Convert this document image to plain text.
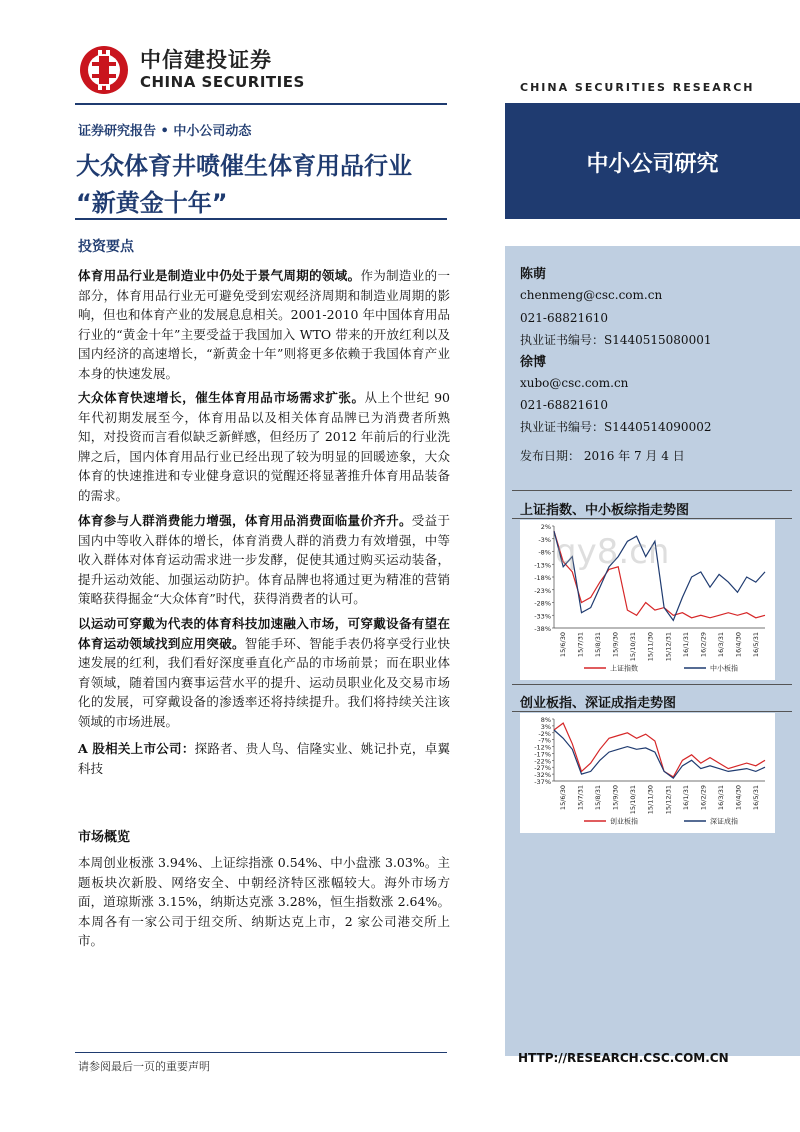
中信建投证券
CHINA SECURITIES	CHINA SECURITIES RESEARCH
证券研究报告 • 中小公司动态
大众体育井喷催生体育用品行业
“新黄金十年”
中小公司研究
陈萌
chenmeng@csc.com.cn
021-68821610
执业证书编号：S1440515080001
徐博
xubo@csc.com.cn
021-68821610
执业证书编号：S1440514090002
发布日期： 2016 年 7 月 4 日
上证指数、中小板综指走势图
2%
-3%
-8%
-13%
-18%
-23%
-28%
-33%
-38%
15/6/30 15/7/31 15/8/31 15/9/30 15/10/31 15/11/30 15/12/31 16/1/31 16/2/29 16/3/31 16/4/30 16/5/31
上证指数	中小板指
创业板指、深证成指走势图
8%
3%
-2%
-7%
-12%
-17%
-22%
-27%
-32%
-37%
15/6/30 15/7/31 15/8/31 15/9/30 15/10/31 15/11/30 15/12/31 16/1/31 16/2/29 16/3/31 16/4/30 16/5/31
创业板指	深证成指
HTTP://RESEARCH.CSC.COM.CN
投资要点
体育用品行业是制造业中仍处于景气周期的领域。作为制造业的一部分，体育用品行业无可避免受到宏观经济周期和制造业周期的影响，但也和体育产业的发展息息相关。2001-2010 年中国体育用品行业的“黄金十年”主要受益于我国加入 WTO 带来的开放红利以及国内经济的高速增长，“新黄金十年”则将更多依赖于我国体育产业本身的快速发展。
大众体育快速增长，催生体育用品市场需求扩张。从上个世纪 90 年代初期发展至今，体育用品以及相关体育品牌已为消费者所熟知，对投资而言看似缺乏新鲜感，但经历了 2012 年前后的行业洗牌之后，国内体育用品行业已经出现了较为明显的回暖迹象，大众体育的快速推进和专业健身意识的觉醒还将显著推升体育用品装备的需求。
体育参与人群消费能力增强，体育用品消费面临量价齐升。受益于国内中等收入群体的增长，体育消费人群的消费力有效增强，中等收入群体对体育运动需求进一步发酵，促使其通过购买运动装备，提升运动效能、加强运动防护。体育品牌也将通过更为精准的营销策略获得掘金“大众体育”时代，获得消费者的认可。
以运动可穿戴为代表的体育科技加速融入市场，可穿戴设备有望在体育运动领域找到应用突破。智能手环、智能手表仍将享受行业快速发展的红利，我们看好深度垂直化产品的市场前景；而在职业体育领域，随着国内赛事运营水平的提升、运动员职业化及交易市场化的发展，可穿戴设备的渗透率还将持续提升。我们将持续关注该领域的市场进展。
A 股相关上市公司：探路者、贵人鸟、信隆实业、姚记扑克，卓翼科技
市场概览
本周创业板涨 3.94%、上证综指涨 0.54%、中小盘涨 3.03%。主题板块次新股、网络安全、中朝经济特区涨幅较大。海外市场方面，道琼斯涨 3.15%，纳斯达克涨 3.28%，恒生指数涨 2.64%。本周各有一家公司于纽交所、纳斯达克上市，2 家公司港交所上市。
qy8.cn
请参阅最后一页的重要声明
